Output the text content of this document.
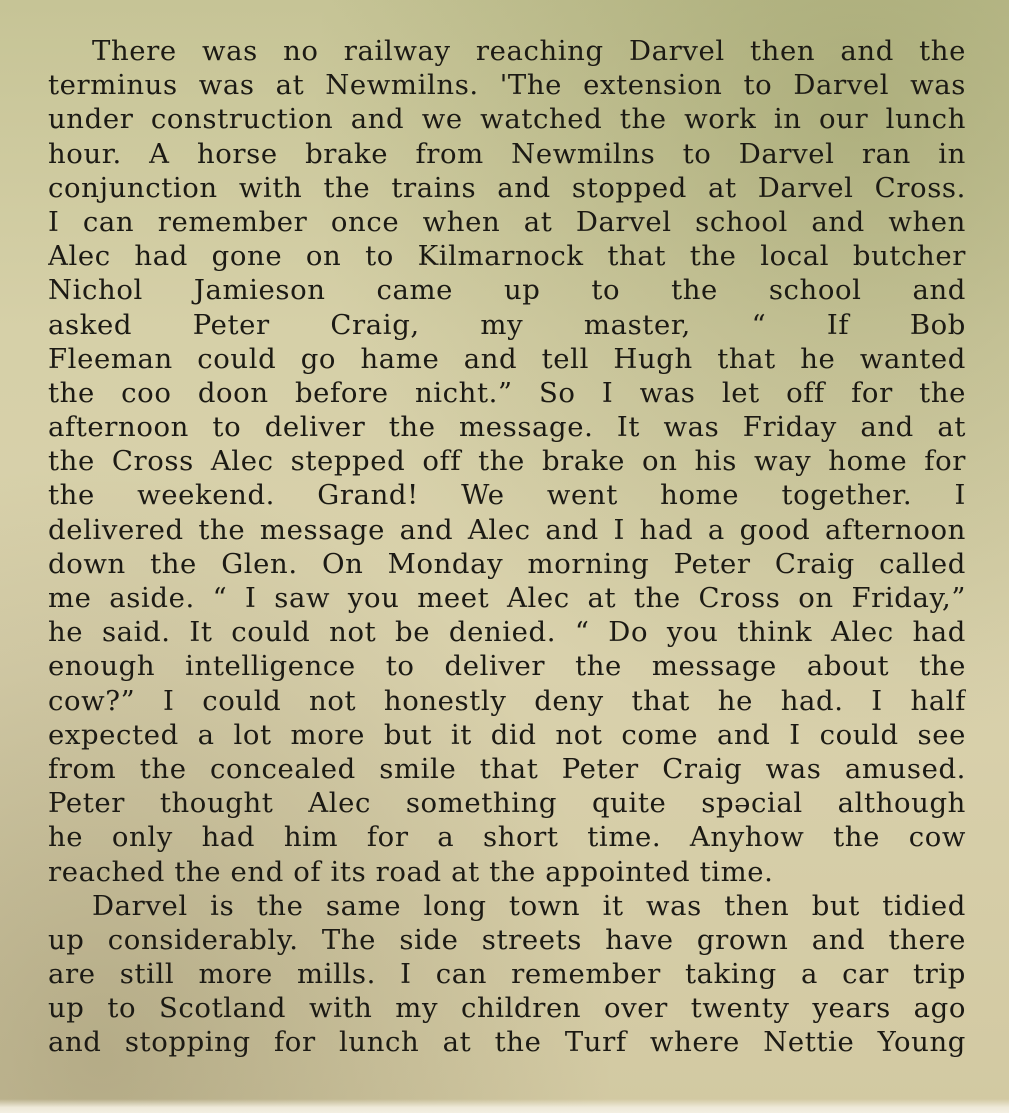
There was no railway reaching Darvel then and the
terminus was at Newmilns. 'The extension to Darvel was
under construction and we watched the work in our lunch
hour. A horse brake from Newmilns to Darvel ran in
conjunction with the trains and stopped at Darvel Cross.
I can remember once when at Darvel school and when
Alec had gone on to Kilmarnock that the local butcher
Nichol Jamieson came up to the school and
asked Peter Craig, my master, “ If Bob
Fleeman could go hame and tell Hugh that he wanted
the coo doon before nicht.” So I was let off for the
afternoon to deliver the message. It was Friday and at
the Cross Alec stepped off the brake on his way home for
the weekend. Grand! We went home together. I
delivered the message and Alec and I had a good afternoon
down the Glen. On Monday morning Peter Craig called
me aside. “ I saw you meet Alec at the Cross on Friday,”
he said. It could not be denied. “ Do you think Alec had
enough intelligence to deliver the message about the
cow?” I could not honestly deny that he had. I half
expected a lot more but it did not come and I could see
from the concealed smile that Peter Craig was amused.
Peter thought Alec something quite spəcial although
he only had him for a short time. Anyhow the cow
reached the end of its road at the appointed time.
Darvel is the same long town it was then but tidied
up considerably. The side streets have grown and there
are still more mills. I can remember taking a car trip
up to Scotland with my children over twenty years ago
and stopping for lunch at the Turf where Nettie Young
